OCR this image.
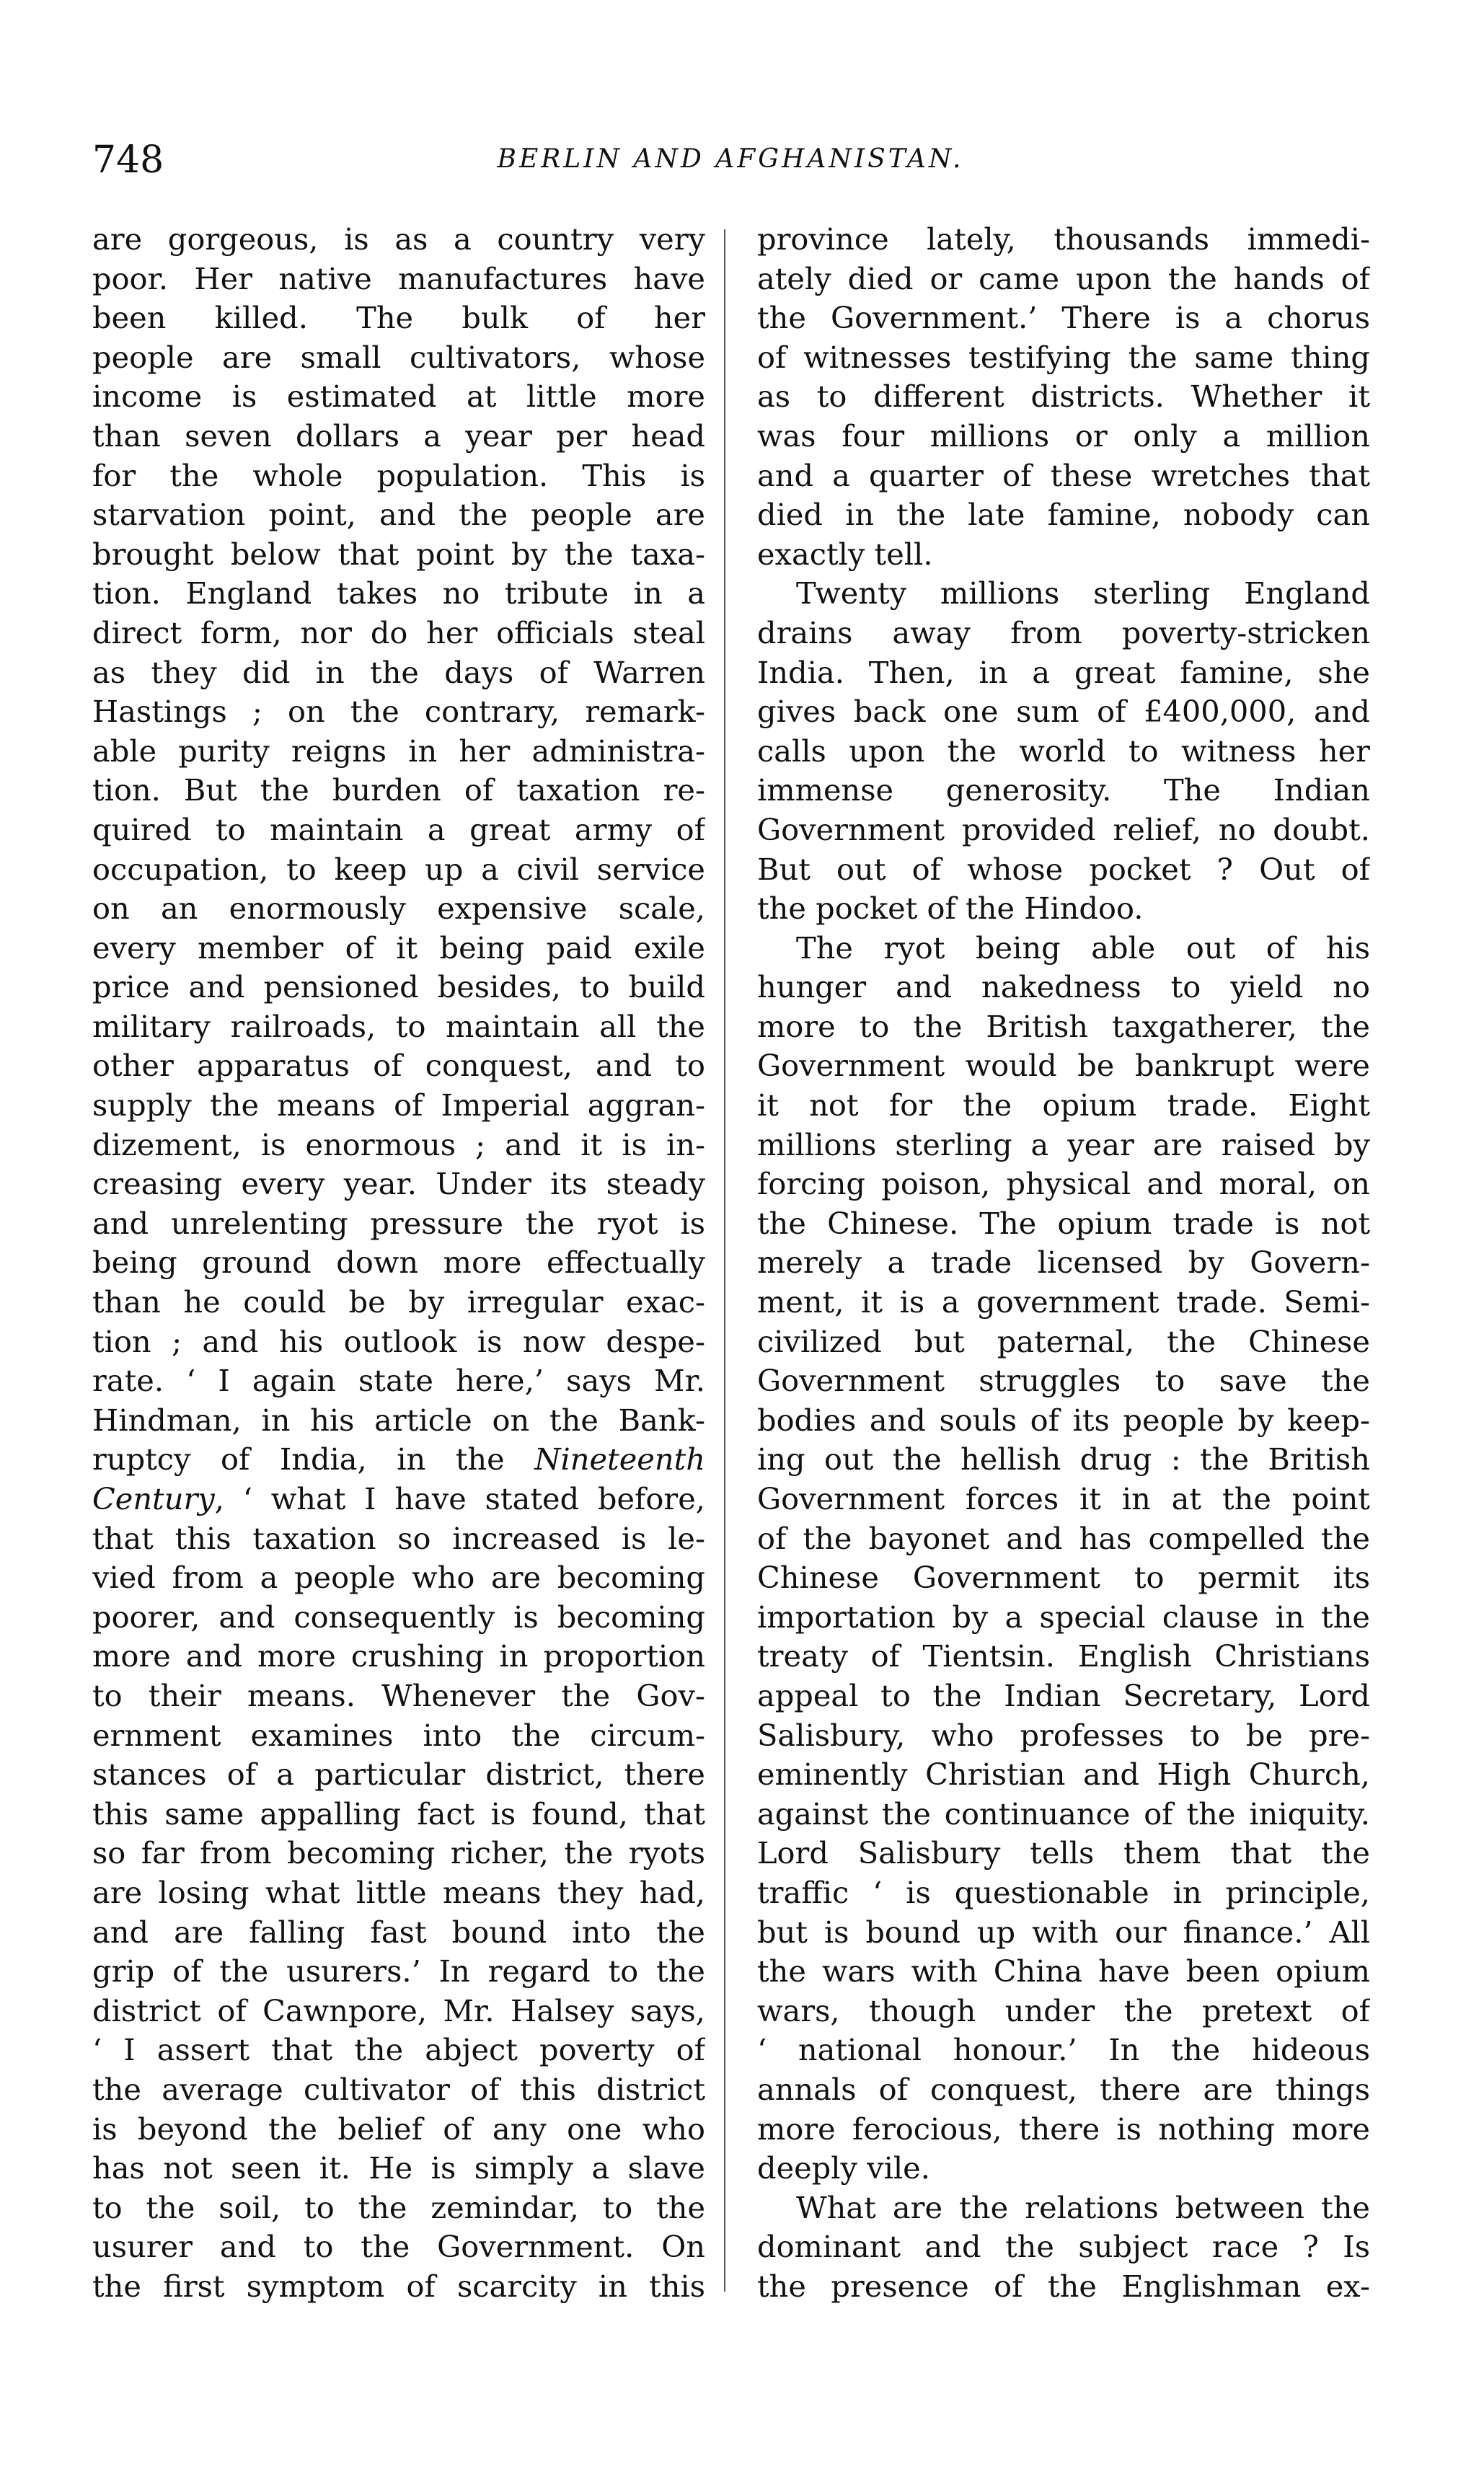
748	BERLIN AND AFGHANISTAN.
are gorgeous, is as a country very
poor. Her native manufactures have
been killed. The bulk of her
people are small cultivators, whose
income is estimated at little more
than seven dollars a year per head
for the whole population. This is
starvation point, and the people are
brought below that point by the taxa-
tion. England takes no tribute in a
direct form, nor do her officials steal
as they did in the days of Warren
Hastings ; on the contrary, remark-
able purity reigns in her administra-
tion. But the burden of taxation re-
quired to maintain a great army of
occupation, to keep up a civil service
on an enormously expensive scale,
every member of it being paid exile
price and pensioned besides, to build
military railroads, to maintain all the
other apparatus of conquest, and to
supply the means of Imperial aggran-
dizement, is enormous ; and it is in-
creasing every year. Under its steady
and unrelenting pressure the ryot is
being ground down more effectually
than he could be by irregular exac-
tion ; and his outlook is now despe-
rate. ‘ I again state here,’ says Mr.
Hindman, in his article on the Bank-
ruptcy of India, in the Nineteenth
Century, ‘ what I have stated before,
that this taxation so increased is le-
vied from a people who are becoming
poorer, and consequently is becoming
more and more crushing in proportion
to their means. Whenever the Gov-
ernment examines into the circum-
stances of a particular district, there
this same appalling fact is found, that
so far from becoming richer, the ryots
are losing what little means they had,
and are falling fast bound into the
grip of the usurers.’ In regard to the
district of Cawnpore, Mr. Halsey says,
‘ I assert that the abject poverty of
the average cultivator of this district
is beyond the belief of any one who
has not seen it. He is simply a slave
to the soil, to the zemindar, to the
usurer and to the Government. On
the first symptom of scarcity in this
province lately, thousands immedi-
ately died or came upon the hands of
the Government.’ There is a chorus
of witnesses testifying the same thing
as to different districts. Whether it
was four millions or only a million
and a quarter of these wretches that
died in the late famine, nobody can
exactly tell.
Twenty millions sterling England
drains away from poverty-stricken
India. Then, in a great famine, she
gives back one sum of £400,000, and
calls upon the world to witness her
immense generosity. The Indian
Government provided relief, no doubt.
But out of whose pocket ? Out of
the pocket of the Hindoo.
The ryot being able out of his
hunger and nakedness to yield no
more to the British taxgatherer, the
Government would be bankrupt were
it not for the opium trade. Eight
millions sterling a year are raised by
forcing poison, physical and moral, on
the Chinese. The opium trade is not
merely a trade licensed by Govern-
ment, it is a government trade. Semi-
civilized but paternal, the Chinese
Government struggles to save the
bodies and souls of its people by keep-
ing out the hellish drug : the British
Government forces it in at the point
of the bayonet and has compelled the
Chinese Government to permit its
importation by a special clause in the
treaty of Tientsin. English Christians
appeal to the Indian Secretary, Lord
Salisbury, who professes to be pre-
eminently Christian and High Church,
against the continuance of the iniquity.
Lord Salisbury tells them that the
traffic ‘ is questionable in principle,
but is bound up with our finance.’ All
the wars with China have been opium
wars, though under the pretext of
‘ national honour.’ In the hideous
annals of conquest, there are things
more ferocious, there is nothing more
deeply vile.
What are the relations between the
dominant and the subject race ? Is
the presence of the Englishman ex-
